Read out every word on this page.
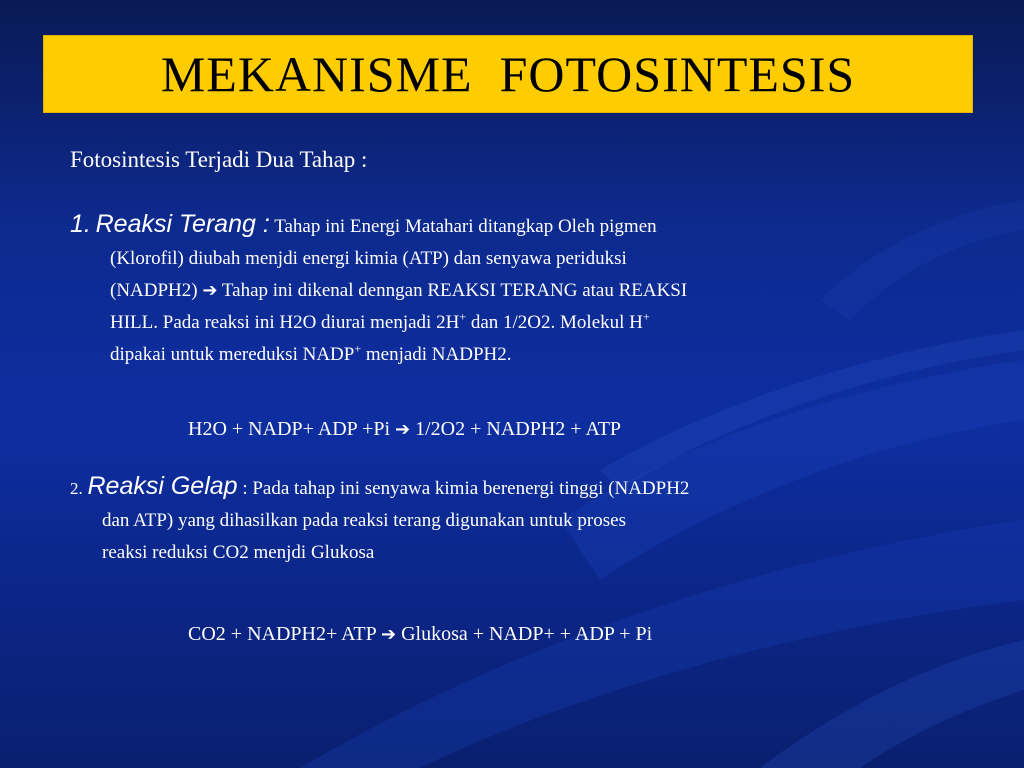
MEKANISME  FOTOSINTESIS
Fotosintesis Terjadi Dua Tahap :
1. Reaksi Terang : Tahap ini Energi Matahari ditangkap Oleh pigmen
(Klorofil) diubah menjdi energi kimia (ATP) dan senyawa periduksi
(NADPH2) ➔ Tahap ini dikenal denngan REAKSI TERANG atau REAKSI
HILL. Pada reaksi ini H2O diurai menjadi 2H+ dan 1/2O2. Molekul H+
dipakai untuk mereduksi NADP+ menjadi NADPH2.
H2O + NADP+ ADP +Pi ➔ 1/2O2 + NADPH2 + ATP
2. Reaksi Gelap : Pada tahap ini senyawa kimia berenergi tinggi (NADPH2
dan ATP) yang dihasilkan pada reaksi terang digunakan untuk proses
reaksi reduksi CO2 menjdi Glukosa
CO2 + NADPH2+ ATP ➔ Glukosa + NADP+ + ADP + Pi
